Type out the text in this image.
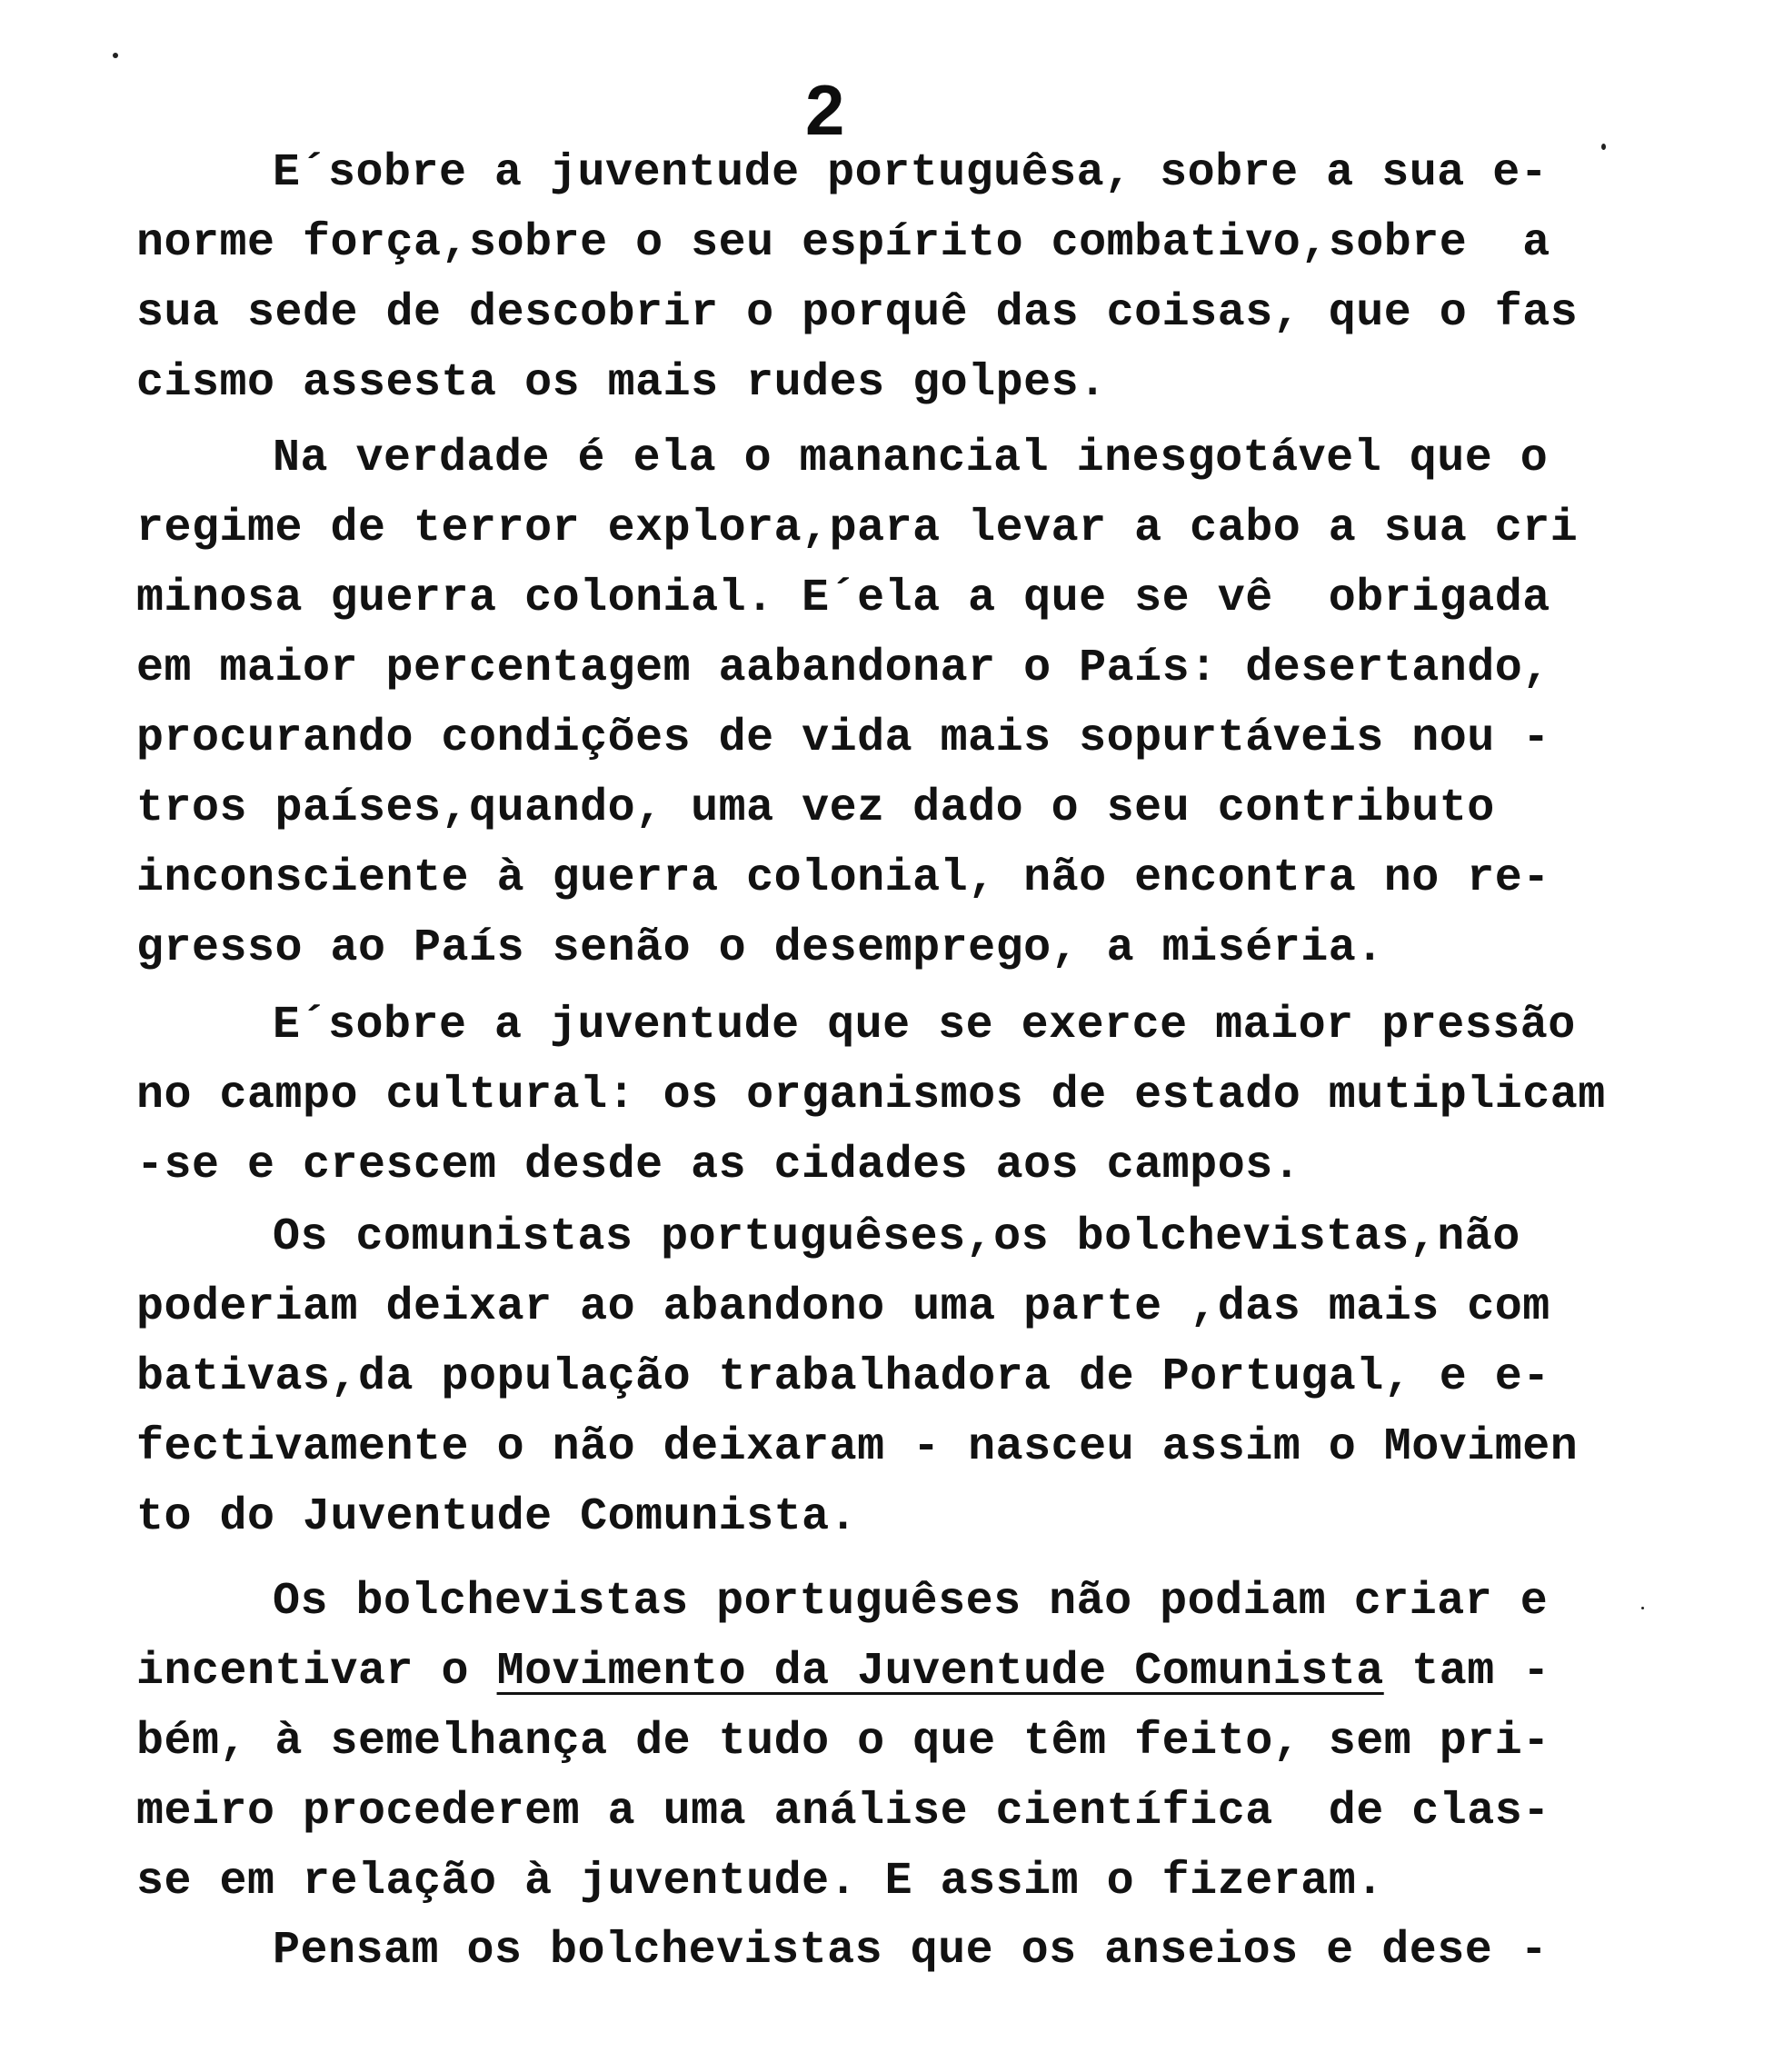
2
E´sobre a juventude portuguêsa, sobre a sua e-
norme força,sobre o seu espírito combativo,sobre  a
sua sede de descobrir o porquê das coisas, que o fas
cismo assesta os mais rudes golpes.
Na verdade é ela o manancial inesgotável que o
regime de terror explora,para levar a cabo a sua cri
minosa guerra colonial. E´ela a que se vê  obrigada
em maior percentagem aabandonar o País: desertando,
procurando condições de vida mais sopurtáveis nou -
tros países,quando, uma vez dado o seu contributo
inconsciente à guerra colonial, não encontra no re-
gresso ao País senão o desemprego, a miséria.
E´sobre a juventude que se exerce maior pressão
no campo cultural: os organismos de estado mutiplicam
-se e crescem desde as cidades aos campos.
Os comunistas portuguêses,os bolchevistas,não
poderiam deixar ao abandono uma parte ,das mais com
bativas,da população trabalhadora de Portugal, e e-
fectivamente o não deixaram - nasceu assim o Movimen
to do Juventude Comunista.
Os bolchevistas portuguêses não podiam criar e
incentivar o Movimento da Juventude Comunista tam -
bém, à semelhança de tudo o que têm feito, sem pri-
meiro procederem a uma análise científica  de clas-
se em relação à juventude. E assim o fizeram.
Pensam os bolchevistas que os anseios e dese -
